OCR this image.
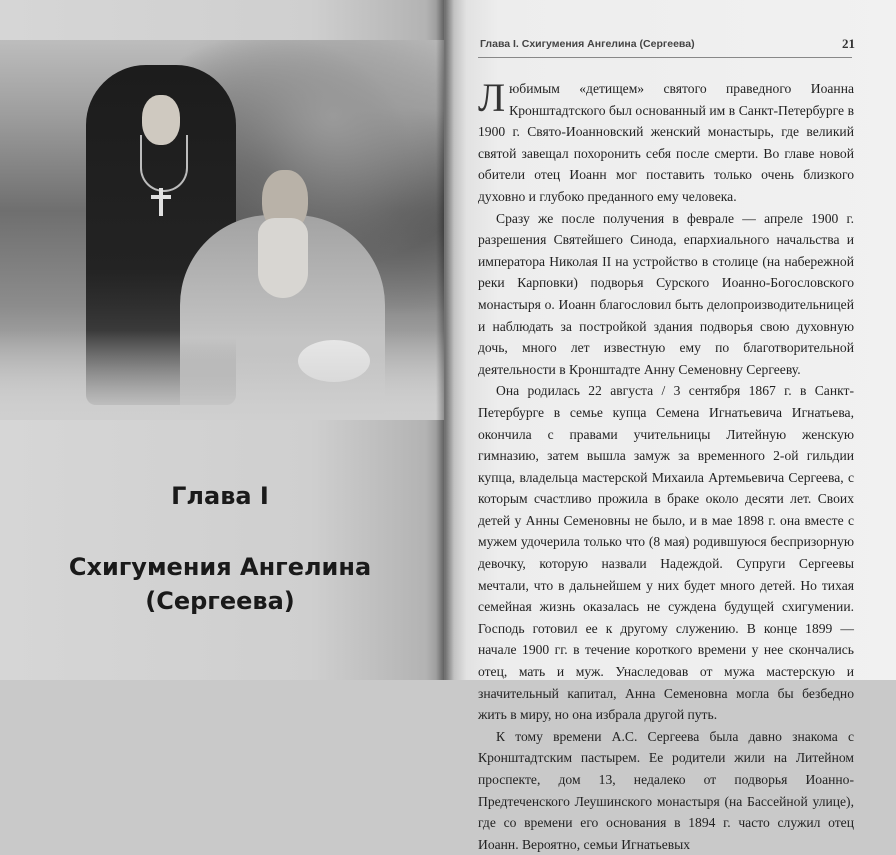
Глава I

Схигумения Ангелина
(Сергеева)
Глава I. Схигумения Ангелина (Сергеева)	21

Любимым «детищем» святого праведного Иоанна Кронштадтского был основанный им в Санкт-Петербурге в 1900 г. Свято-Иоанновский женский монастырь, где великий святой завещал похоронить себя после смерти. Во главе новой обители отец Иоанн мог поставить только очень близкого духовно и глубоко преданного ему человека.

Сразу же после получения в феврале — апреле 1900 г. разрешения Святейшего Синода, епархиального начальства и императора Николая II на устройство в столице (на набережной реки Карповки) подворья Сурского Иоанно-Богословского монастыря о. Иоанн благословил быть делопроизводительницей и наблюдать за постройкой здания подворья свою духовную дочь, много лет известную ему по благотворительной деятельности в Кронштадте Анну Семеновну Сергееву.

Она родилась 22 августа / 3 сентября 1867 г. в Санкт-Петербурге в семье купца Семена Игнатьевича Игнатьева, окончила с правами учительницы Литейную женскую гимназию, затем вышла замуж за временного 2-ой гильдии купца, владельца мастерской Михаила Артемьевича Сергеева, с которым счастливо прожила в браке около десяти лет. Своих детей у Анны Семеновны не было, и в мае 1898 г. она вместе с мужем удочерила только что (8 мая) родившуюся беспризорную девочку, которую назвали Надеждой. Супруги Сергеевы мечтали, что в дальнейшем у них будет много детей. Но тихая семейная жизнь оказалась не суждена будущей схигумении. Господь готовил ее к другому служению. В конце 1899 — начале 1900 гг. в течение короткого времени у нее скончались отец, мать и муж. Унаследовав от мужа мастерскую и значительный капитал, Анна Семеновна могла бы безбедно жить в миру, но она избрала другой путь.

К тому времени А.С. Сергеева была давно знакома с Кронштадтским пастырем. Ее родители жили на Литейном проспекте, дом 13, недалеко от подворья Иоанно-Предтеченского Леушинского монастыря (на Бассейной улице), где со времени его основания в 1894 г. часто служил отец Иоанн. Вероятно, семьи Игнатьевых
